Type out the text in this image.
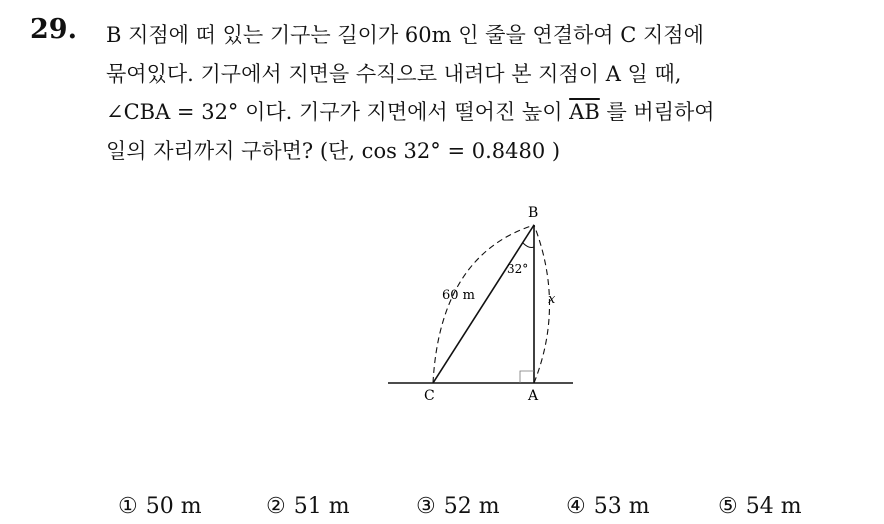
29. B 지점에 떠 있는 기구는 길이가 60m 인 줄을 연결하여 C 지점에
묶여있다. 기구에서 지면을 수직으로 내려다 본 지점이 A 일 때,
∠CBA = 32° 이다. 기구가 지면에서 떨어진 높이 $\overline{AB}$ 를 버림하여
일의 자리까지 구하면? (단, cos 32° = 0.8480 )
B
C	A
60 m
32°
x
① 50 m	② 51 m	③ 52 m	④ 53 m	⑤ 54 m
